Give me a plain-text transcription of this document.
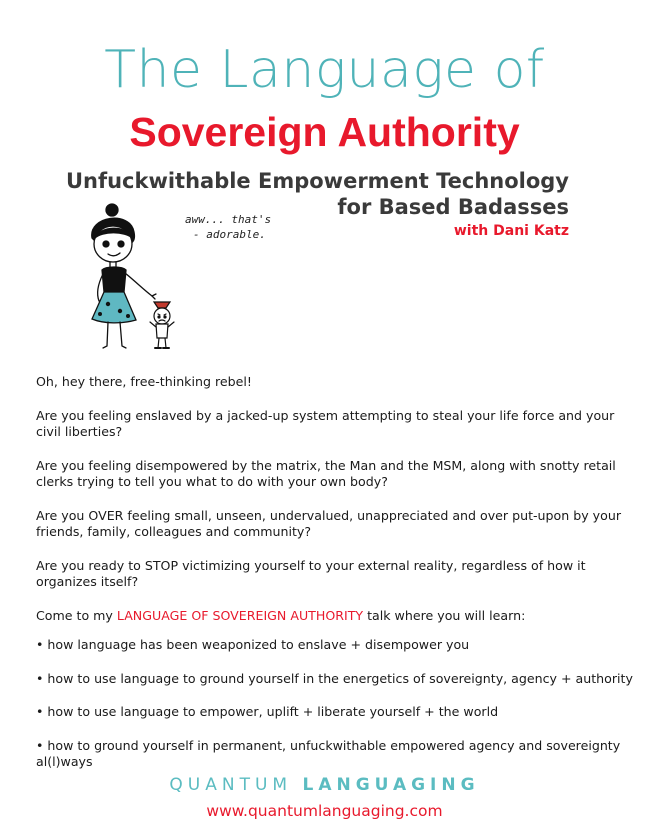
The Language of
Sovereign Authority
Unfuckwithable Empowerment Technology
for Based Badasses
with Dani Katz
aww... that's
- adorable.

Oh, hey there, free-thinking rebel!

Are you feeling enslaved by a jacked-up system attempting to steal your life force and your civil liberties?

Are you feeling disempowered by the matrix, the Man and the MSM, along with snotty retail clerks trying to tell you what to do with your own body?

Are you OVER feeling small, unseen, undervalued, unappreciated and over put-upon by your friends, family, colleagues and community?

Are you ready to STOP victimizing yourself to your external reality, regardless of how it organizes itself?

Come to my LANGUAGE OF SOVEREIGN AUTHORITY talk where you will learn:

• how language has been weaponized to enslave + disempower you

• how to use language to ground yourself in the energetics of sovereignty, agency + authority

• how to use language to empower, uplift + liberate yourself + the world

• how to ground yourself in permanent, unfuckwithable empowered agency and sovereignty al(l)ways

QUANTUM LANGUAGING
www.quantumlanguaging.com
